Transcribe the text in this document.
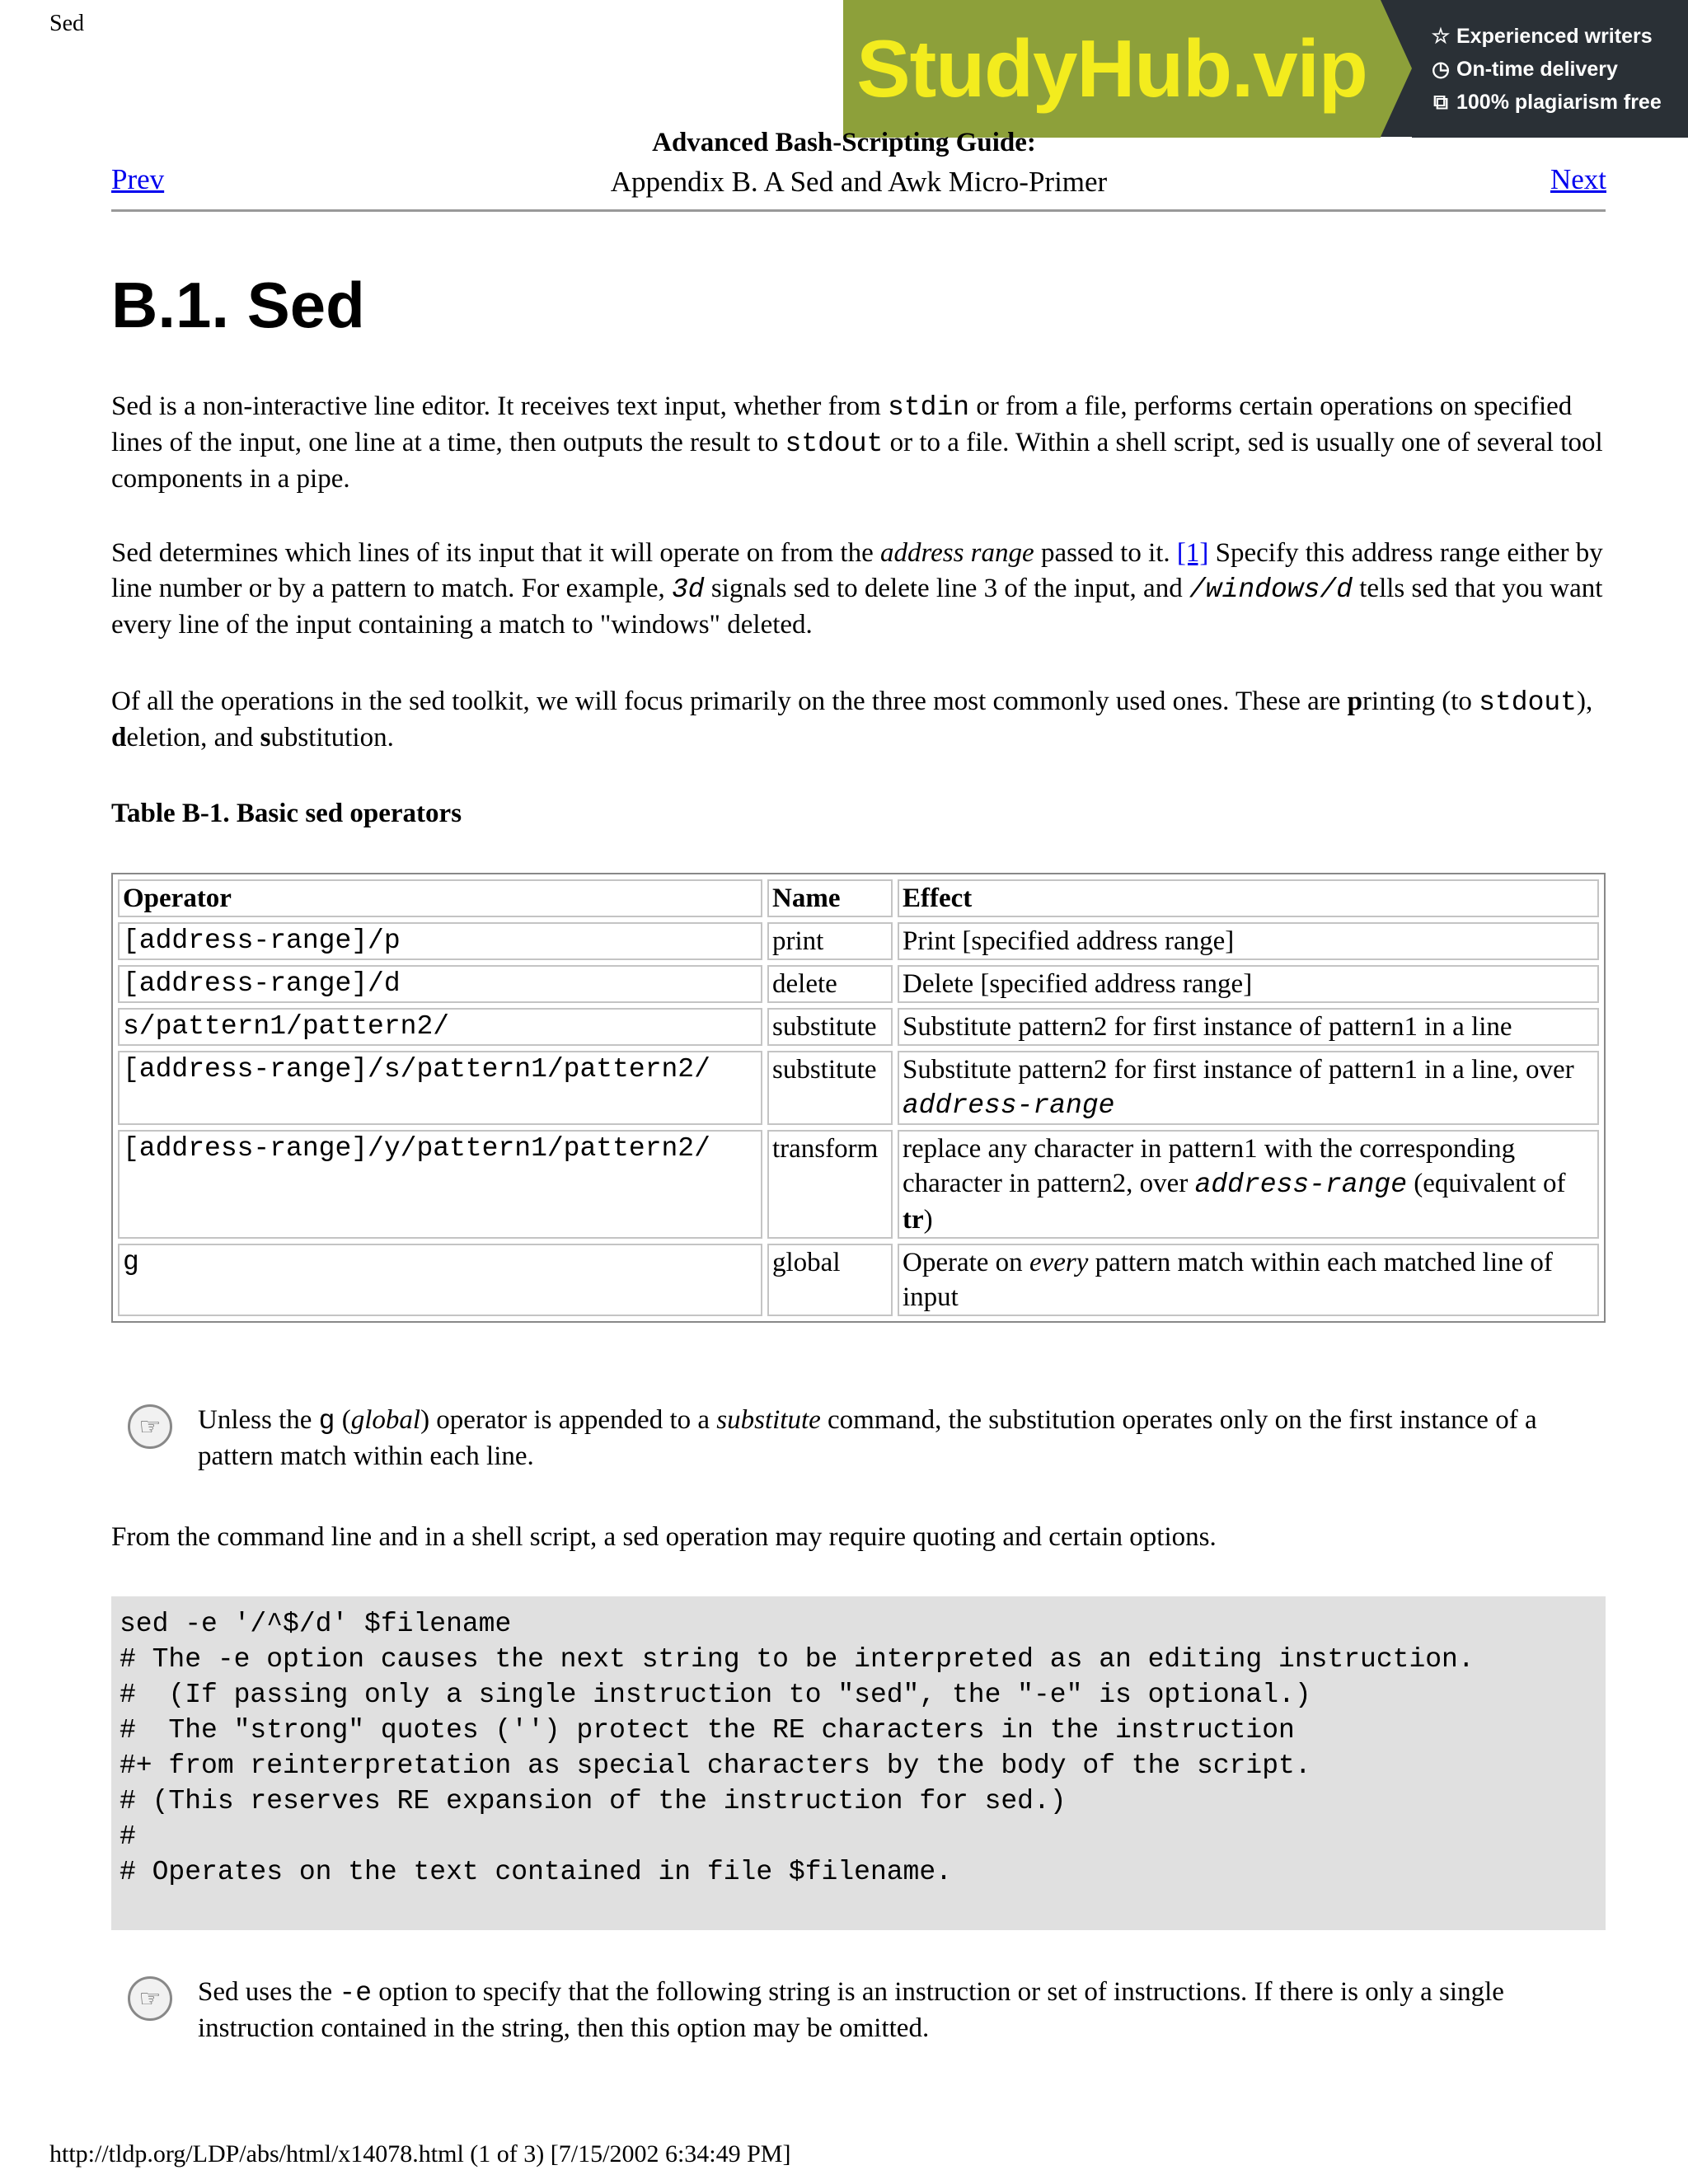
Sed	StudyHub.vip	☆ Experienced writers
◷ On-time delivery
⧉ 100% plagiarism free
Advanced Bash-Scripting Guide:
Prev	Appendix B. A Sed and Awk Micro-Primer	Next
B.1. Sed

Sed is a non-interactive line editor. It receives text input, whether from stdin or from a file, performs certain operations on specified lines of the input, one line at a time, then outputs the result to stdout or to a file. Within a shell script, sed is usually one of several tool components in a pipe.

Sed determines which lines of its input that it will operate on from the address range passed to it. [1] Specify this address range either by line number or by a pattern to match. For example, 3d signals sed to delete line 3 of the input, and /windows/d tells sed that you want every line of the input containing a match to "windows" deleted.

Of all the operations in the sed toolkit, we will focus primarily on the three most commonly used ones. These are printing (to stdout), deletion, and substitution.

Table B-1. Basic sed operators
Operator	Name	Effect
[address-range]/p	print	Print [specified address range]
[address-range]/d	delete	Delete [specified address range]
s/pattern1/pattern2/	substitute	Substitute pattern2 for first instance of pattern1 in a line
[address-range]/s/pattern1/pattern2/	substitute	Substitute pattern2 for first instance of pattern1 in a line, over address-range
[address-range]/y/pattern1/pattern2/	transform	replace any character in pattern1 with the corresponding character in pattern2, over address-range (equivalent of tr)
g	global	Operate on every pattern match within each matched line of input
☞	Unless the g (global) operator is appended to a substitute command, the substitution operates only on the first instance of a pattern match within each line.

From the command line and in a shell script, a sed operation may require quoting and certain options.

sed -e '/^$/d' $filename
# The -e option causes the next string to be interpreted as an editing instruction.
#  (If passing only a single instruction to "sed", the "-e" is optional.)
#  The "strong" quotes ('') protect the RE characters in the instruction
#+ from reinterpretation as special characters by the body of the script.
# (This reserves RE expansion of the instruction for sed.)
#
# Operates on the text contained in file $filename.
☞	Sed uses the -e option to specify that the following string is an instruction or set of instructions. If there is only a single instruction contained in the string, then this option may be omitted.
http://tldp.org/LDP/abs/html/x14078.html (1 of 3) [7/15/2002 6:34:49 PM]
